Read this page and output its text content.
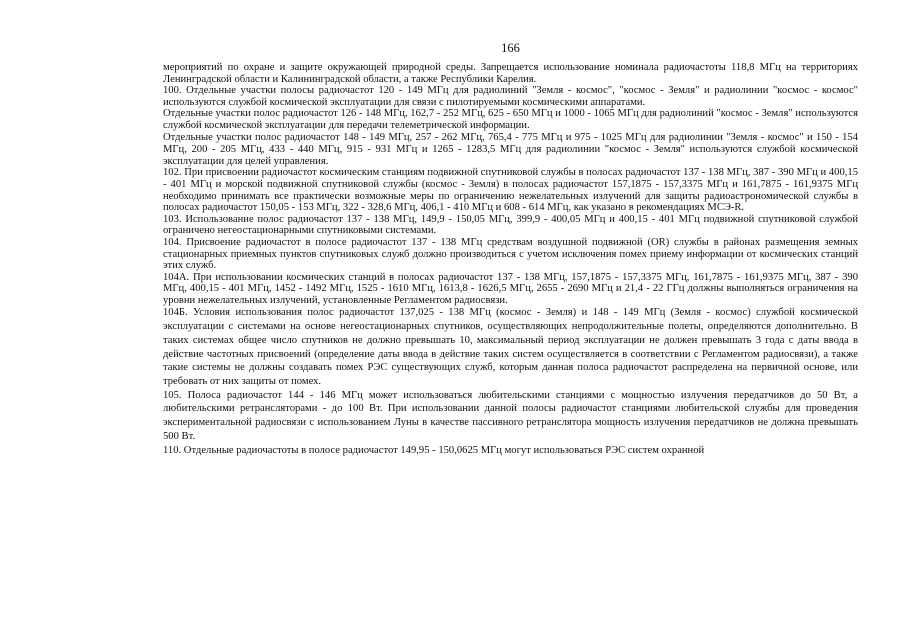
166

мероприятий по охране и защите окружающей природной среды. Запрещается использование номинала радиочастоты 118,8 МГц на территориях Ленинградской области и Калининградской области, а также Республики Карелия.

100. Отдельные участки полосы радиочастот 120 - 149 МГц для радиолиний "Земля - космос", "космос - Земля" и радиолинии "космос - космос" используются службой космической эксплуатации для связи с пилотируемыми космическими аппаратами.

Отдельные участки полос радиочастот 126 - 148 МГц, 162,7 - 252 МГц, 625 - 650 МГц и 1000 - 1065 МГц для радиолиний "космос - Земля" используются службой космической эксплуатации для передачи телеметрической информации.

Отдельные участки полос радиочастот 148 - 149 МГц, 257 - 262 МГц, 765,4 - 775 МГц и 975 - 1025 МГц для радиолинии "Земля - космос" и 150 - 154 МГц, 200 - 205 МГц, 433 - 440 МГц, 915 - 931 МГц и 1265 - 1283,5 МГц для радиолинии "космос - Земля" используются службой космической эксплуатации для целей управления.

102. При присвоении радиочастот космическим станциям подвижной спутниковой службы в полосах радиочастот 137 - 138 МГц, 387 - 390 МГц и 400,15 - 401 МГц и морской подвижной спутниковой службы (космос - Земля) в полосах радиочастот 157,1875 - 157,3375 МГц и 161,7875 - 161,9375 МГц необходимо принимать все практически возможные меры по ограничению нежелательных излучений для защиты радиоастрономической службы в полосах радиочастот 150,05 - 153 МГц, 322 - 328,6 МГц, 406,1 - 410 МГц и 608 - 614 МГц, как указано в рекомендациях МСЭ-R.

103. Использование полос радиочастот 137 - 138 МГц, 149,9 - 150,05 МГц, 399,9 - 400,05 МГц и 400,15 - 401 МГц подвижной спутниковой службой ограничено негеостационарными спутниковыми системами.

104. Присвоение радиочастот в полосе радиочастот 137 - 138 МГц средствам воздушной подвижной (OR) службы в районах размещения земных стационарных приемных пунктов спутниковых служб должно производиться с учетом исключения помех приему информации от космических станций этих служб.

104А. При использовании космических станций в полосах радиочастот 137 - 138 МГц, 157,1875 - 157,3375 МГц, 161,7875 - 161,9375 МГц, 387 - 390 МГц, 400,15 - 401 МГц, 1452 - 1492 МГц, 1525 - 1610 МГц, 1613,8 - 1626,5 МГц, 2655 - 2690 МГц и 21,4 - 22 ГГц должны выполняться ограничения на уровни нежелательных излучений, установленные Регламентом радиосвязи.

104Б. Условия использования полос радиочастот 137,025 - 138 МГц (космос - Земля) и 148 - 149 МГц (Земля - космос) службой космической эксплуатации с системами на основе негеостационарных спутников, осуществляющих непродолжительные полеты, определяются дополнительно. В таких системах общее число спутников не должно превышать 10, максимальный период эксплуатации не должен превышать 3 года с даты ввода в действие частотных присвоений (определение даты ввода в действие таких систем осуществляется в соответствии с Регламентом радиосвязи), а также такие системы не должны создавать помех РЭС существующих служб, которым данная полоса радиочастот распределена на первичной основе, или требовать от них защиты от помех.

105. Полоса радиочастот 144 - 146 МГц может использоваться любительскими станциями с мощностью излучения передатчиков до 50 Вт, а любительскими ретрансляторами - до 100 Вт. При использовании данной полосы радиочастот станциями любительской службы для проведения экспериментальной радиосвязи с использованием Луны в качестве пассивного ретранслятора мощность излучения передатчиков не должна превышать 500 Вт.

110. Отдельные радиочастоты в полосе радиочастот 149,95 - 150,0625 МГц могут использоваться РЭС систем охранной
